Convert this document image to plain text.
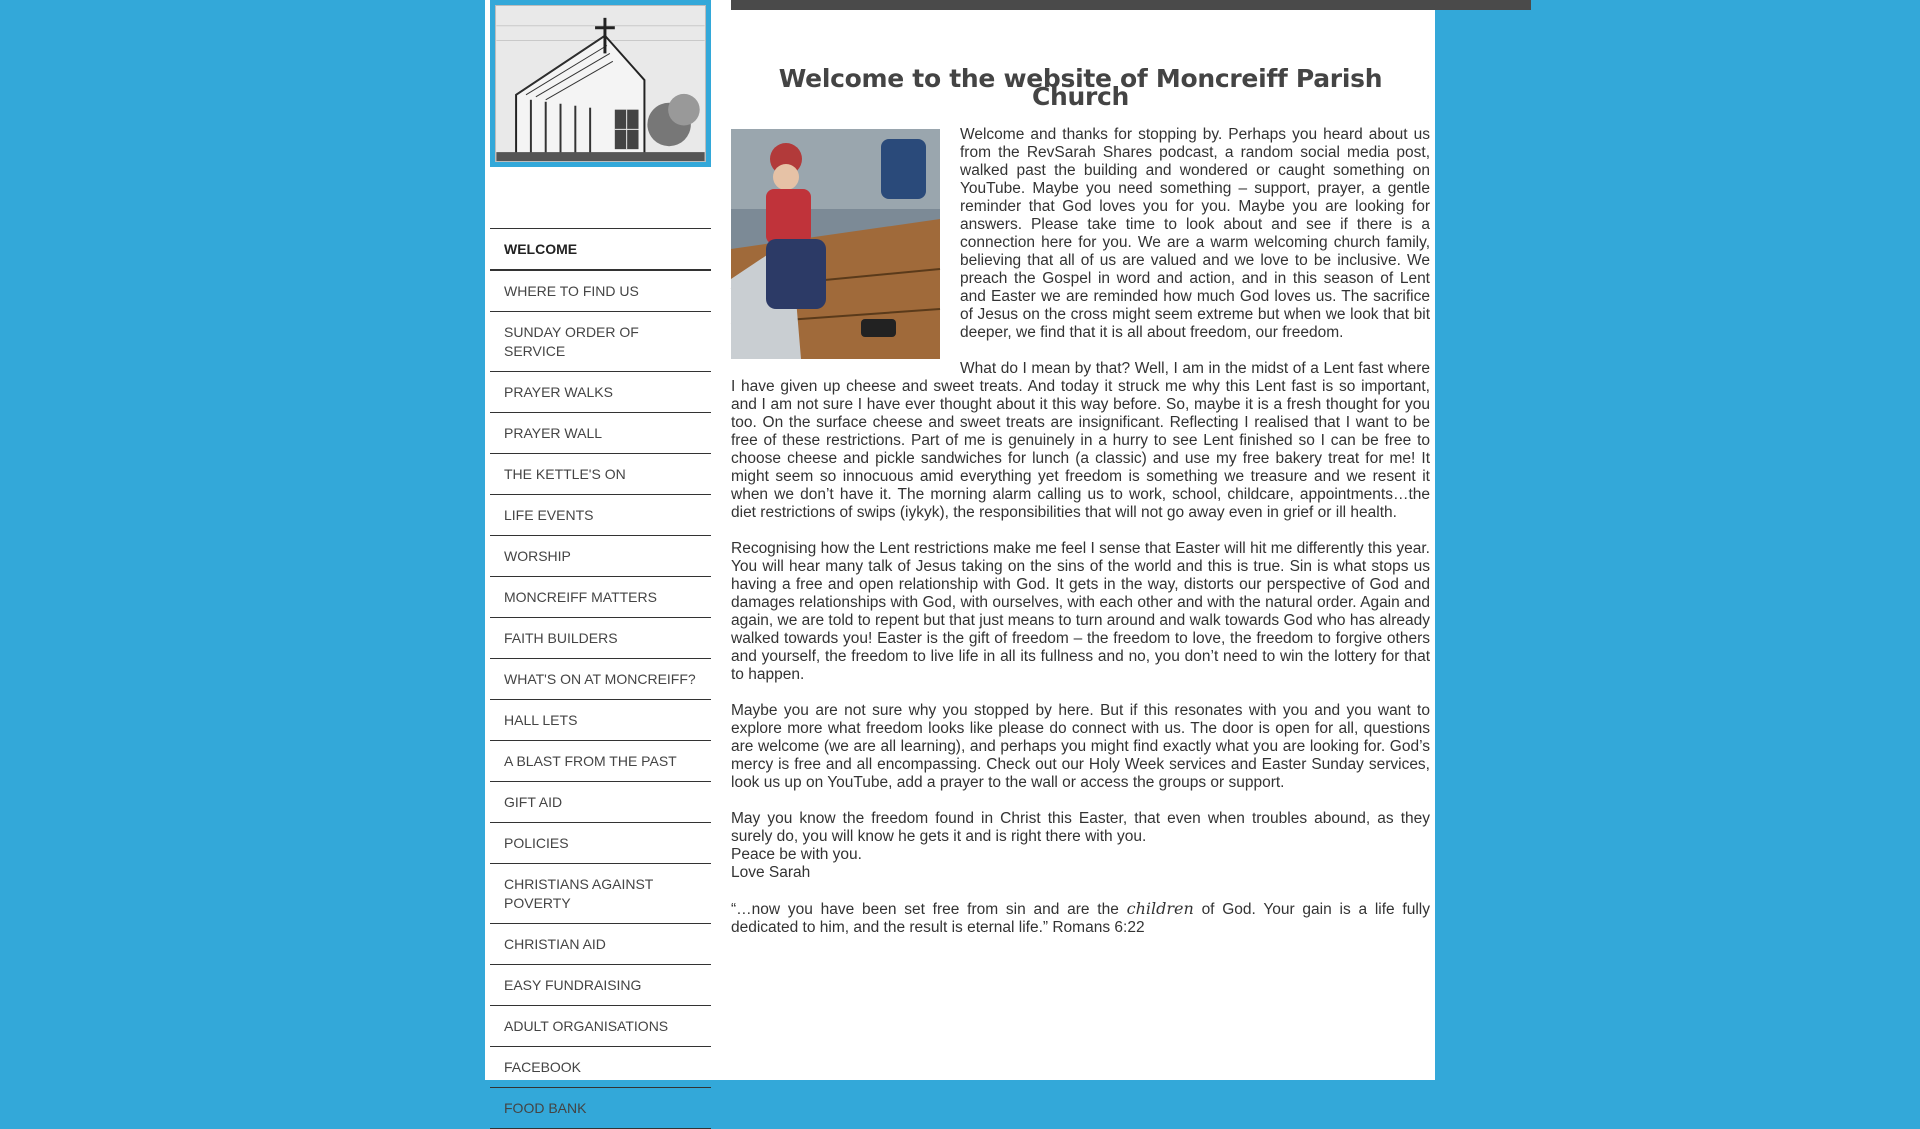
WELCOME
WHERE TO FIND US
SUNDAY ORDER OF SERVICE
PRAYER WALKS
PRAYER WALL
THE KETTLE'S ON
LIFE EVENTS
WORSHIP
MONCREIFF MATTERS
FAITH BUILDERS
WHAT'S ON AT MONCREIFF?
HALL LETS
A BLAST FROM THE PAST
GIFT AID
POLICIES
CHRISTIANS AGAINST POVERTY
CHRISTIAN AID
EASY FUNDRAISING
ADULT ORGANISATIONS
FACEBOOK
FOOD BANK
Welcome to the website of Moncreiff Parish Church

Welcome and thanks for stopping by. Perhaps you heard about us from the RevSarah Shares podcast, a random social media post, walked past the building and wondered or caught something on YouTube. Maybe you need something – support, prayer, a gentle reminder that God loves you for you. Maybe you are looking for answers. Please take time to look about and see if there is a connection here for you. We are a warm welcoming church family, believing that all of us are valued and we love to be inclusive. We preach the Gospel in word and action, and in this season of Lent and Easter we are reminded how much God loves us. The sacrifice of Jesus on the cross might seem extreme but when we look that bit deeper, we find that it is all about freedom, our freedom.

What do I mean by that? Well, I am in the midst of a Lent fast where I have given up cheese and sweet treats. And today it struck me why this Lent fast is so important, and I am not sure I have ever thought about it this way before. So, maybe it is a fresh thought for you too. On the surface cheese and sweet treats are insignificant. Reflecting I realised that I want to be free of these restrictions. Part of me is genuinely in a hurry to see Lent finished so I can be free to choose cheese and pickle sandwiches for lunch (a classic) and use my free bakery treat for me! It might seem so innocuous amid everything yet freedom is something we treasure and we resent it when we don’t have it. The morning alarm calling us to work, school, childcare, appointments…the diet restrictions of swips (iykyk), the responsibilities that will not go away even in grief or ill health.

Recognising how the Lent restrictions make me feel I sense that Easter will hit me differently this year. You will hear many talk of Jesus taking on the sins of the world and this is true. Sin is what stops us having a free and open relationship with God. It gets in the way, distorts our perspective of God and damages relationships with God, with ourselves, with each other and with the natural order. Again and again, we are told to repent but that just means to turn around and walk towards God who has already walked towards you! Easter is the gift of freedom – the freedom to love, the freedom to forgive others and yourself, the freedom to live life in all its fullness and no, you don’t need to win the lottery for that to happen.

Maybe you are not sure why you stopped by here. But if this resonates with you and you want to explore more what freedom looks like please do connect with us. The door is open for all, questions are welcome (we are all learning), and perhaps you might find exactly what you are looking for. God’s mercy is free and all encompassing. Check out our Holy Week services and Easter Sunday services, look us up on YouTube, add a prayer to the wall or access the groups or support.

May you know the freedom found in Christ this Easter, that even when troubles abound, as they surely do, you will know he gets it and is right there with you.

Peace be with you.

Love Sarah

“…now you have been set free from sin and are the children of God. Your gain is a life fully dedicated to him, and the result is eternal life.” Romans 6:22
